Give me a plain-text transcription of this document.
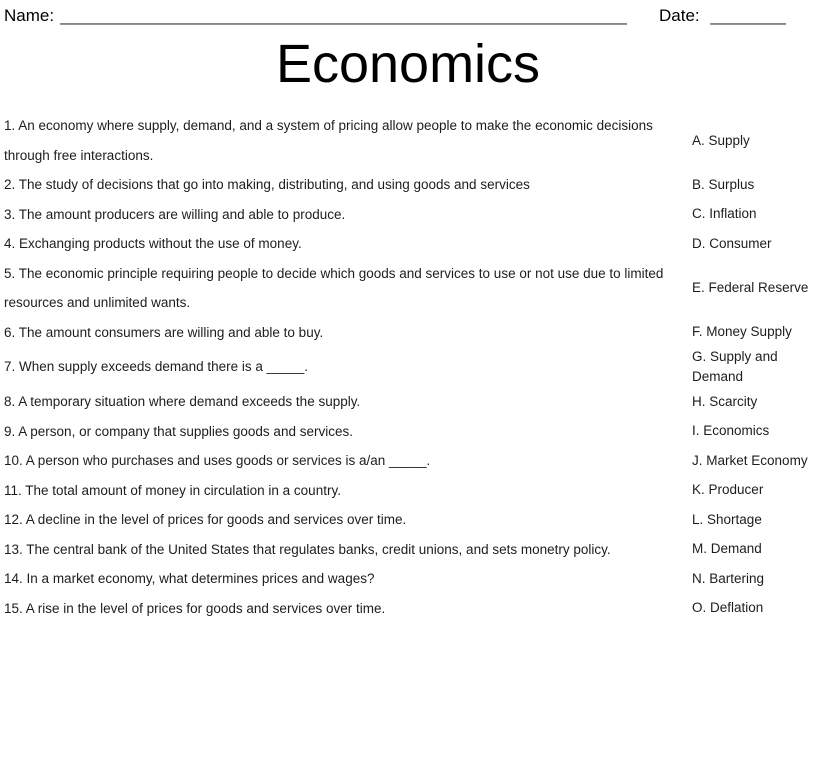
Name: ____________________________________________________________ Date: ________
Economics
1. An economy where supply, demand, and a system of pricing allow people to make the economic decisions through free interactions.	A. Supply
2. The study of decisions that go into making, distributing, and using goods and services	B. Surplus
3. The amount producers are willing and able to produce.	C. Inflation
4. Exchanging products without the use of money.	D. Consumer
5. The economic principle requiring people to decide which goods and services to use or not use due to limited resources and unlimited wants.	E. Federal Reserve
6. The amount consumers are willing and able to buy.	F. Money Supply
7. When supply exceeds demand there is a _____.	G. Supply and Demand
8. A temporary situation where demand exceeds the supply.	H. Scarcity
9. A person, or company that supplies goods and services.	I. Economics
10. A person who purchases and uses goods or services is a/an _____.	J. Market Economy
11. The total amount of money in circulation in a country.	K. Producer
12. A decline in the level of prices for goods and services over time.	L. Shortage
13. The central bank of the United States that regulates banks, credit unions, and sets monetry policy.	M. Demand
14. In a market economy, what determines prices and wages?	N. Bartering
15. A rise in the level of prices for goods and services over time.	O. Deflation
